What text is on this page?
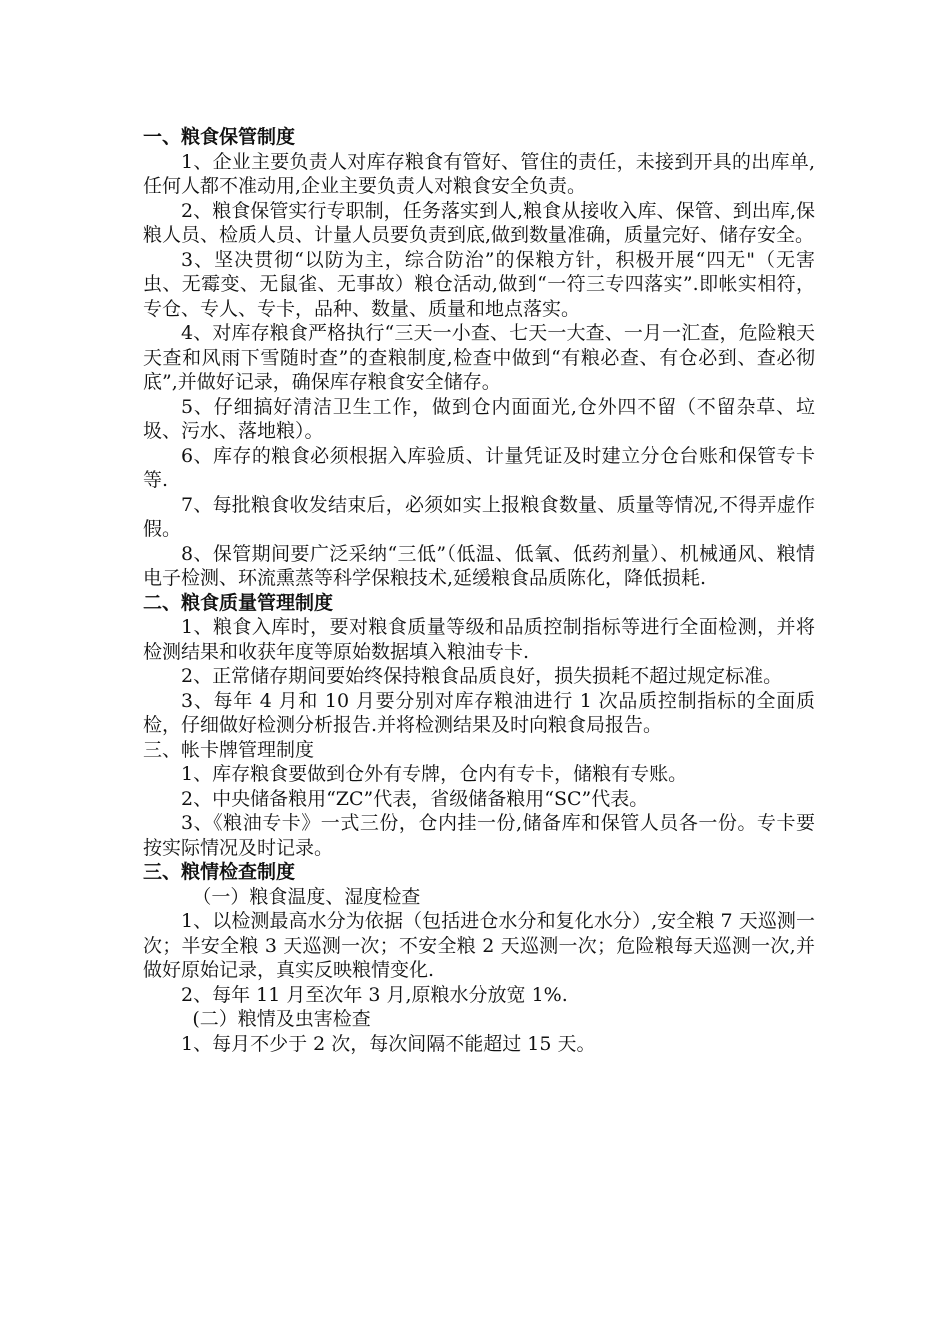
一、粮食保管制度

1、企业主要负责人对库存粮食有管好、管住的责任，未接到开具的出库单,任何人都不准动用,企业主要负责人对粮食安全负责。

2、粮食保管实行专职制，任务落实到人,粮食从接收入库、保管、到出库,保粮人员、检质人员、计量人员要负责到底,做到数量准确，质量完好、储存安全。

3、坚决贯彻“以防为主，综合防治”的保粮方针，积极开展“四无"（无害虫、无霉变、无鼠雀、无事故）粮仓活动,做到“一符三专四落实”.即帐实相符，专仓、专人、专卡，品种、数量、质量和地点落实。

4、对库存粮食严格执行“三天一小查、七天一大查、一月一汇查，危险粮天天查和风雨下雪随时查”的查粮制度,检查中做到“有粮必查、有仓必到、查必彻底”,并做好记录，确保库存粮食安全储存。

5、仔细搞好清洁卫生工作，做到仓内面面光,仓外四不留（不留杂草、垃圾、污水、落地粮）。

6、库存的粮食必须根据入库验质、计量凭证及时建立分仓台账和保管专卡等.

7、每批粮食收发结束后，必须如实上报粮食数量、质量等情况,不得弄虚作假。

8、保管期间要广泛采纳“三低”（低温、低氧、低药剂量）、机械通风、粮情电子检测、环流熏蒸等科学保粮技术,延缓粮食品质陈化，降低损耗.

二、粮食质量管理制度

1、粮食入库时，要对粮食质量等级和品质控制指标等进行全面检测，并将检测结果和收获年度等原始数据填入粮油专卡.

2、正常储存期间要始终保持粮食品质良好，损失损耗不超过规定标准。

3、每年 4 月和 10 月要分别对库存粮油进行 1 次品质控制指标的全面质检，仔细做好检测分析报告.并将检测结果及时向粮食局报告。

三、帐卡牌管理制度

1、库存粮食要做到仓外有专牌，仓内有专卡，储粮有专账。

2、中央储备粮用“ZC”代表，省级储备粮用“SC”代表。

3、《粮油专卡》一式三份，仓内挂一份,储备库和保管人员各一份。专卡要按实际情况及时记录。

三、粮情检查制度

（一）粮食温度、湿度检查

1、以检测最高水分为依据（包括进仓水分和复化水分）,安全粮 7 天巡测一次；半安全粮 3 天巡测一次；不安全粮 2 天巡测一次；危险粮每天巡测一次,并做好原始记录，真实反映粮情变化.

2、每年 11 月至次年 3 月,原粮水分放宽 1%.

(二）粮情及虫害检查

1、每月不少于 2 次，每次间隔不能超过 15 天。
